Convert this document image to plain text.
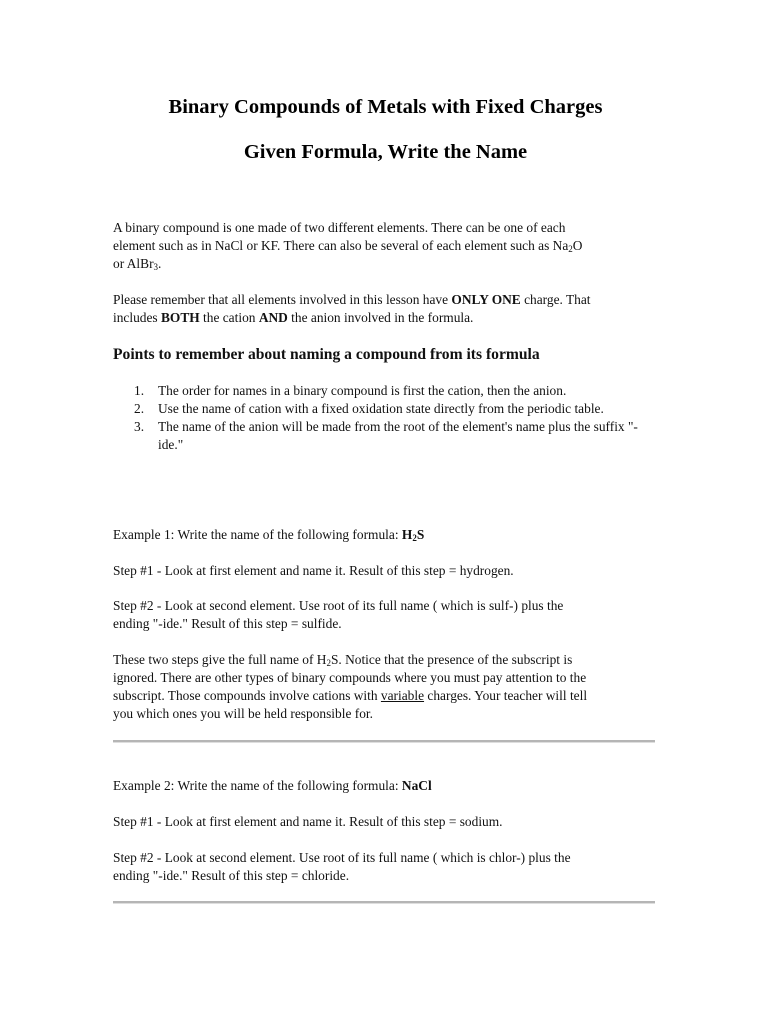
Binary Compounds of Metals with Fixed Charges
Given Formula, Write the Name

A binary compound is one made of two different elements. There can be one of each
element such as in NaCl or KF. There can also be several of each element such as $Na_2O$
or AlBr$_3$.

Please remember that all elements involved in this lesson have ONLY ONE charge. That
includes BOTH the cation AND the anion involved in the formula.

Points to remember about naming a compound from its formula
1. The order for names in a binary compound is first the cation, then the anion.
2. Use the name of cation with a fixed oxidation state directly from the periodic table.
3. The name of the anion will be made from the root of the element's name plus the suffix "-ide."

Example 1: Write the name of the following formula: $H_2S$

Step #1 - Look at first element and name it. Result of this step = hydrogen.

Step #2 - Look at second element. Use root of its full name ( which is sulf-) plus the
ending "-ide." Result of this step = sulfide.

These two steps give the full name of $H_2S$. Notice that the presence of the subscript is
ignored. There are other types of binary compounds where you must pay attention to the
subscript. Those compounds involve cations with variable charges. Your teacher will tell
you which ones you will be held responsible for.

Example 2: Write the name of the following formula: NaCl

Step #1 - Look at first element and name it. Result of this step = sodium.

Step #2 - Look at second element. Use root of its full name ( which is chlor-) plus the
ending "-ide." Result of this step = chloride.
